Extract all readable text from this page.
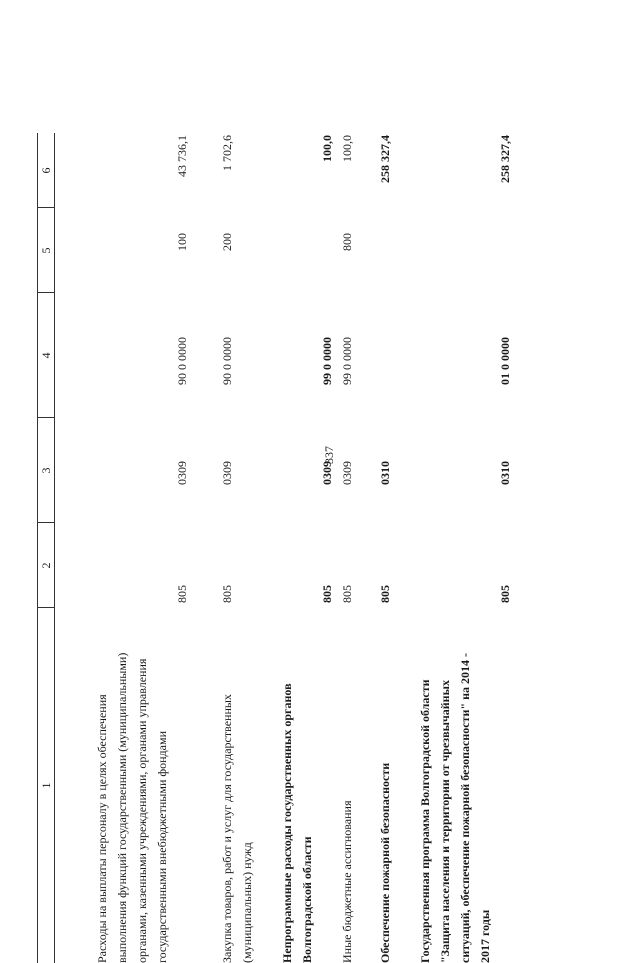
337
1
2
3
4
5
6
Расходы на выплаты персоналу в целях обеспечения выполнения функций государственными (муниципальными) органами, казенными учреждениями, органами управления государственными внебюджетными фондами
805
0309
90 0 0000
100
43 736,1
Закупка товаров, работ и услуг для государственных (муниципальных) нужд
805
0309
90 0 0000
200
1 702,6
Непрограммные расходы государственных органов Волгоградской области
805
0309
99 0 0000
100,0
Иные бюджетные ассигнования
805
0309
99 0 0000
800
100,0
Обеспечение пожарной безопасности
805
0310
258 327,4
Государственная программа Волгоградской области "Защита населения и территории от чрезвычайных ситуаций, обеспечение пожарной безопасности" на 2014 - 2017 годы
805
0310
01 0 0000
258 327,4
